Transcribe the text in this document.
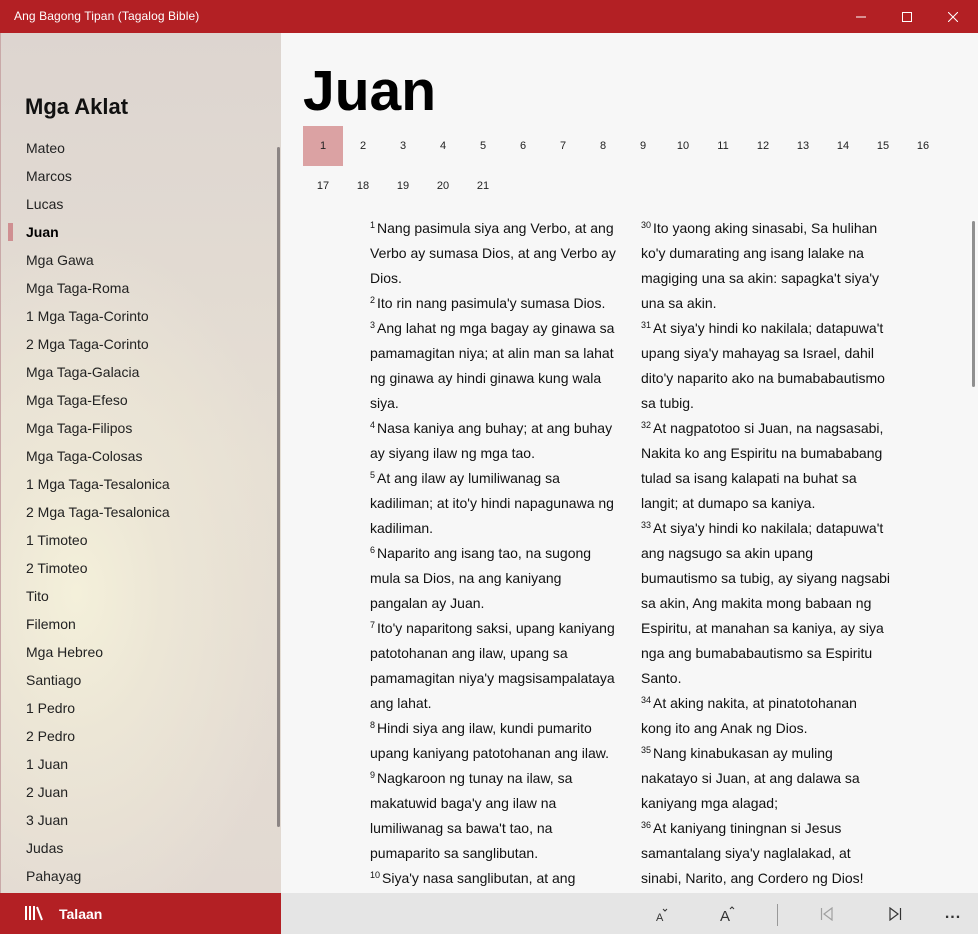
Ang Bagong Tipan (Tagalog Bible)
Mga Aklat
Mateo
Marcos
Lucas
Juan
Mga Gawa
Mga Taga-Roma
1 Mga Taga-Corinto
2 Mga Taga-Corinto
Mga Taga-Galacia
Mga Taga-Efeso
Mga Taga-Filipos
Mga Taga-Colosas
1 Mga Taga-Tesalonica
2 Mga Taga-Tesalonica
1 Timoteo
2 Timoteo
Tito
Filemon
Mga Hebreo
Santiago
1 Pedro
2 Pedro
1 Juan
2 Juan
3 Juan
Judas
Pahayag
Juan
1	2	3	4	5	6	7	8	9	10	11	12	13	14	15	16
17	18	19	20	21
$^1$ Nang pasimula siya ang Verbo, at ang Verbo ay sumasa Dios, at ang Verbo ay Dios.
$^2$ Ito rin nang pasimula'y sumasa Dios.
$^3$ Ang lahat ng mga bagay ay ginawa sa pamamagitan niya; at alin man sa lahat ng ginawa ay hindi ginawa kung wala siya.
$^4$ Nasa kaniya ang buhay; at ang buhay ay siyang ilaw ng mga tao.
$^5$ At ang ilaw ay lumiliwanag sa kadiliman; at ito'y hindi napagunawa ng kadiliman.
$^6$ Naparito ang isang tao, na sugong mula sa Dios, na ang kaniyang pangalan ay Juan.
$^7$ Ito'y naparitong saksi, upang kaniyang patotohanan ang ilaw, upang sa pamamagitan niya'y magsisampalataya ang lahat.
$^8$ Hindi siya ang ilaw, kundi pumarito upang kaniyang patotohanan ang ilaw.
$^9$ Nagkaroon ng tunay na ilaw, sa makatuwid baga'y ang ilaw na lumiliwanag sa bawa't tao, na pumaparito sa sanglibutan.
$^{10}$ Siya'y nasa sanglibutan, at ang
$^{30}$ Ito yaong aking sinasabi, Sa hulihan ko'y dumarating ang isang lalake na magiging una sa akin: sapagka't siya'y una sa akin.
$^{31}$ At siya'y hindi ko nakilala; datapuwa't upang siya'y mahayag sa Israel, dahil dito'y naparito ako na bumababautismo sa tubig.
$^{32}$ At nagpatotoo si Juan, na nagsasabi, Nakita ko ang Espiritu na bumababang tulad sa isang kalapati na buhat sa langit; at dumapo sa kaniya.
$^{33}$ At siya'y hindi ko nakilala; datapuwa't ang nagsugo sa akin upang bumautismo sa tubig, ay siyang nagsabi sa akin, Ang makita mong babaan ng Espiritu, at manahan sa kaniya, ay siya nga ang bumababautismo sa Espiritu Santo.
$^{34}$ At aking nakita, at pinatotohanan kong ito ang Anak ng Dios.
$^{35}$ Nang kinabukasan ay muling nakatayo si Juan, at ang dalawa sa kaniyang mga alagad;
$^{36}$ At kaniyang tiningnan si Jesus samantalang siya'y naglalakad, at sinabi, Narito, ang Cordero ng Dios!
Talaan	A	A	...
